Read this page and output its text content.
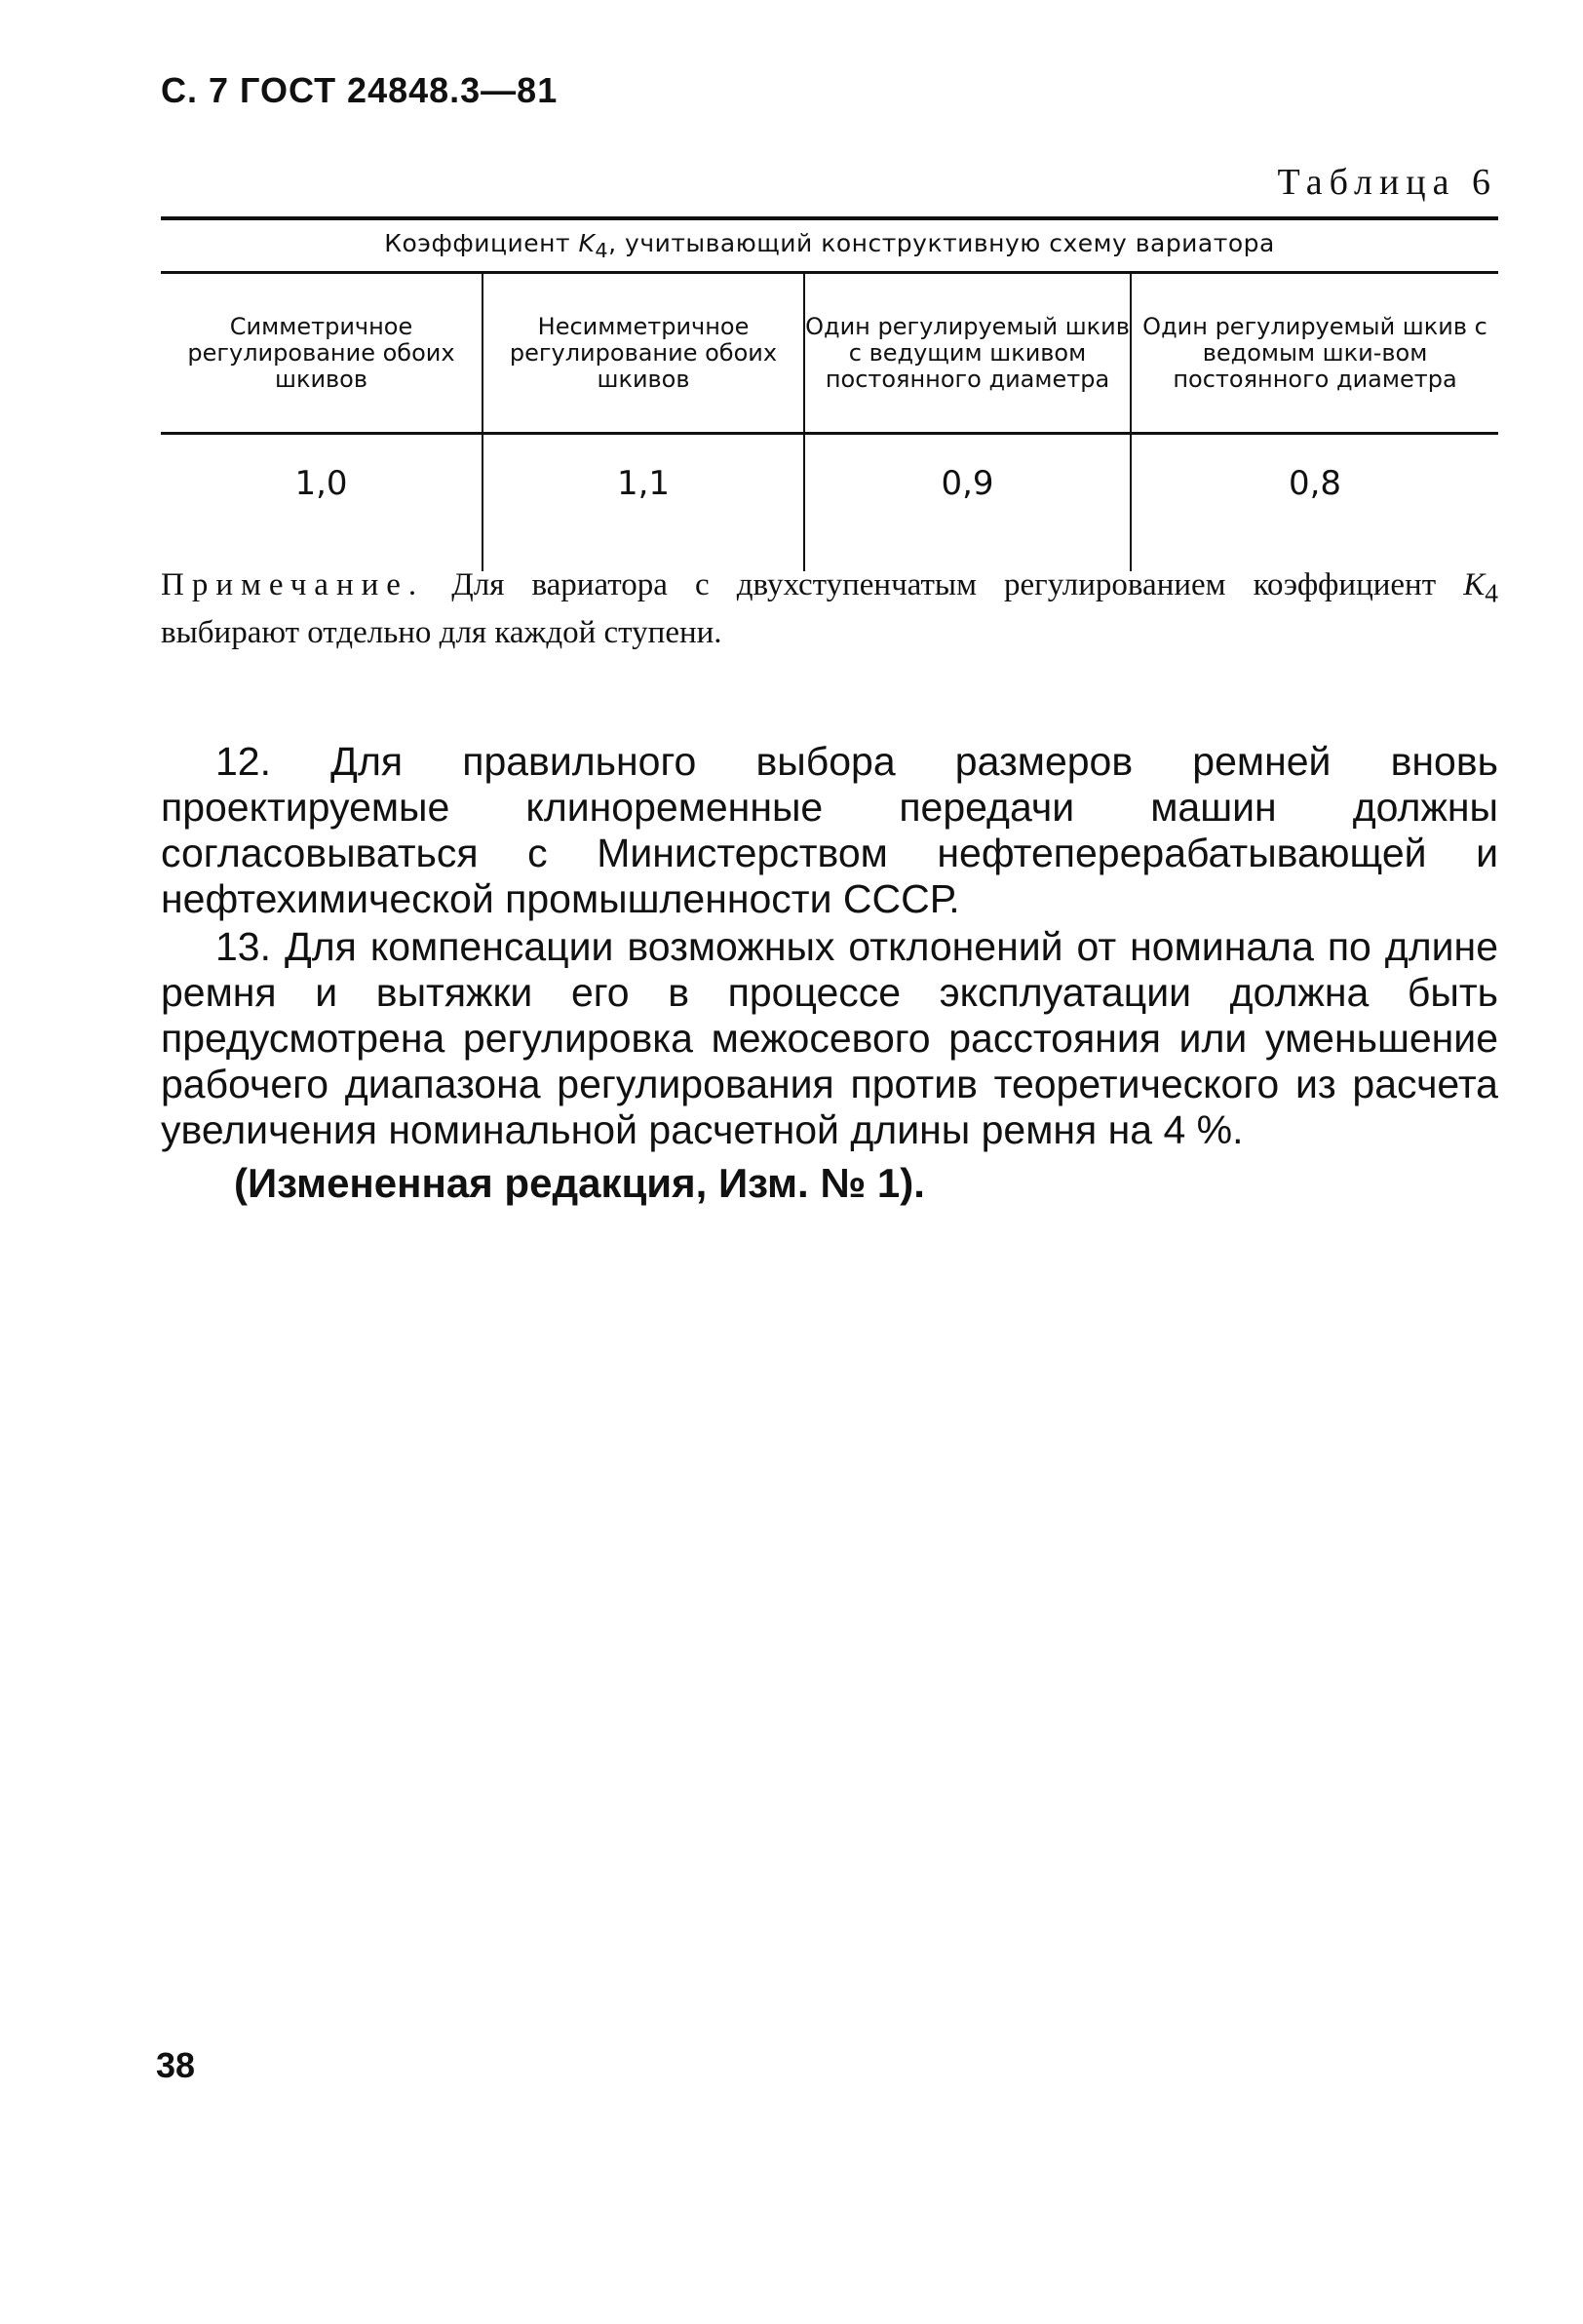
С. 7 ГОСТ 24848.3—81
Таблица 6
Коэффициент $K_4$, учитывающий конструктивную схему вариатора			
Симметричное регулирование обоих шкивов	Несимметричное регулирование обоих шкивов	Один регулируемый шкив с ведущим шкивом постоянного диаметра	Один регулируемый шкив с ведомым шки-вом постоянного диаметра
1,0	1,1	0,9	0,8
Примечание. Для вариатора с двухступенчатым регулированием коэффициент $K_4$ выбирают отдельно для каждой ступени.

12. Для правильного выбора размеров ремней вновь проектируемые клиноременные передачи машин должны согласовываться с Министерством нефтеперерабатывающей и нефтехимической промышленности СССР.

13. Для компенсации возможных отклонений от номинала по длине ремня и вытяжки его в процессе эксплуатации должна быть предусмотрена регулировка межосевого расстояния или уменьшение рабочего диапазона регулирования против теоретического из расчета увеличения номинальной расчетной длины ремня на 4 %.

(Измененная редакция, Изм. № 1).
38
